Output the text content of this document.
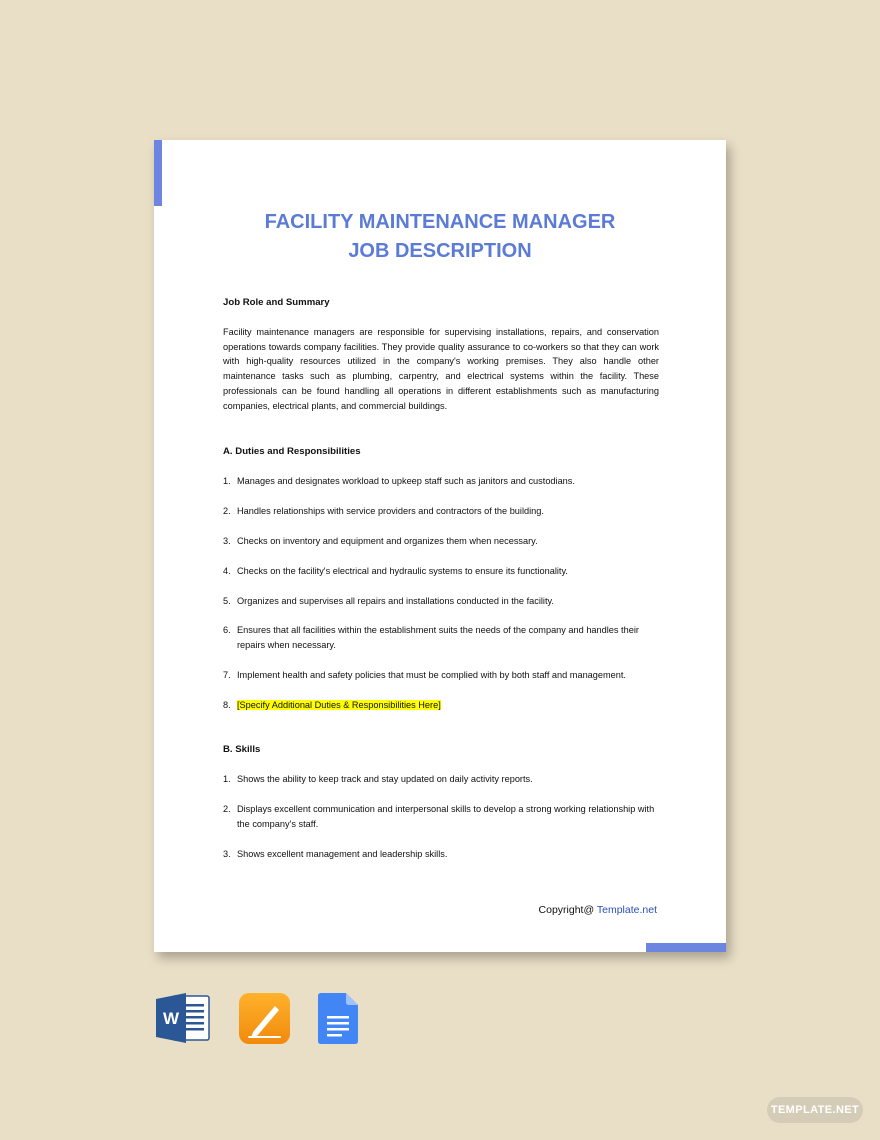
FACILITY MAINTENANCE MANAGER
JOB DESCRIPTION
Job Role and Summary
Facility maintenance managers are responsible for supervising installations, repairs, and conservation operations towards company facilities. They provide quality assurance to co-workers so that they can work with high-quality resources utilized in the company's working premises. They also handle other maintenance tasks such as plumbing, carpentry, and electrical systems within the facility. These professionals can be found handling all operations in different establishments such as manufacturing companies, electrical plants, and commercial buildings.
A. Duties and Responsibilities
1. Manages and designates workload to upkeep staff such as janitors and custodians.
2. Handles relationships with service providers and contractors of the building.
3. Checks on inventory and equipment and organizes them when necessary.
4. Checks on the facility's electrical and hydraulic systems to ensure its functionality.
5. Organizes and supervises all repairs and installations conducted in the facility.
6. Ensures that all facilities within the establishment suits the needs of the company and handles their repairs when necessary.
7. Implement health and safety policies that must be complied with by both staff and management.
8. [Specify Additional Duties & Responsibilities Here]
B. Skills
1. Shows the ability to keep track and stay updated on daily activity reports.
2. Displays excellent communication and interpersonal skills to develop a strong working relationship with the company's staff.
3. Shows excellent management and leadership skills.
Copyright@ Template.net
W
TEMPLATE.NET
